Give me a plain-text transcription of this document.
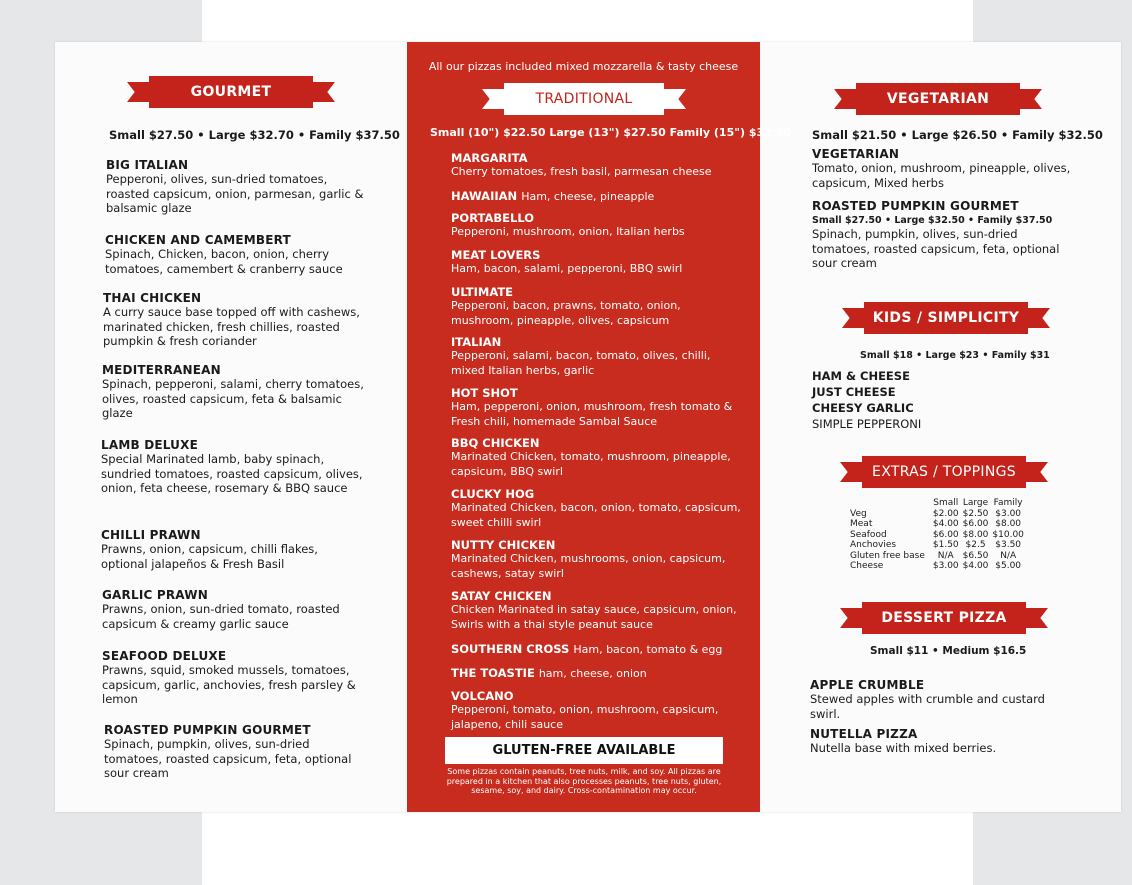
GOURMET
Small $27.50 • Large $32.70 • Family $37.50
BIG ITALIAN
Pepperoni, olives, sun-dried tomatoes, roasted capsicum, onion, parmesan, garlic & balsamic glaze
CHICKEN AND CAMEMBERT
Spinach, Chicken, bacon, onion, cherry tomatoes, camembert & cranberry sauce
THAI CHICKEN
A curry sauce base topped off with cashews, marinated chicken, fresh chillies, roasted pumpkin & fresh coriander
MEDITERRANEAN
Spinach, pepperoni, salami, cherry tomatoes, olives, roasted capsicum, feta & balsamic glaze
LAMB DELUXE
Special Marinated lamb, baby spinach, sundried tomatoes, roasted capsicum, olives, onion, feta cheese, rosemary & BBQ sauce
CHILLI PRAWN
Prawns, onion, capsicum, chilli flakes, optional jalapeños & Fresh Basil
GARLIC PRAWN
Prawns, onion, sun-dried tomato, roasted capsicum & creamy garlic sauce
SEAFOOD DELUXE
Prawns, squid, smoked mussels, tomatoes, capsicum, garlic, anchovies, fresh parsley & lemon
ROASTED PUMPKIN GOURMET
Spinach, pumpkin, olives, sun-dried tomatoes, roasted capsicum, feta, optional sour cream
All our pizzas included mixed mozzarella & tasty cheese
TRADITIONAL
Small (10") $22.50 Large (13") $27.50 Family (15") $32.50
MARGARITA
Cherry tomatoes, fresh basil, parmesan cheese
HAWAIIAN Ham, cheese, pineapple
PORTABELLO
Pepperoni, mushroom, onion, Italian herbs
MEAT LOVERS
Ham, bacon, salami, pepperoni, BBQ swirl
ULTIMATE
Pepperoni, bacon, prawns, tomato, onion, mushroom, pineapple, olives, capsicum
ITALIAN
Pepperoni, salami, bacon, tomato, olives, chilli, mixed Italian herbs, garlic
HOT SHOT
Ham, pepperoni, onion, mushroom, fresh tomato & Fresh chili, homemade Sambal Sauce
BBQ CHICKEN
Marinated Chicken, tomato, mushroom, pineapple, capsicum, BBQ swirl
CLUCKY HOG
Marinated Chicken, bacon, onion, tomato, capsicum, sweet chilli swirl
NUTTY CHICKEN
Marinated Chicken, mushrooms, onion, capsicum, cashews, satay swirl
SATAY CHICKEN
Chicken Marinated in satay sauce, capsicum, onion, Swirls with a thai style peanut sauce
SOUTHERN CROSS Ham, bacon, tomato & egg
THE TOASTIE ham, cheese, onion
VOLCANO
Pepperoni, tomato, onion, mushroom, capsicum, jalapeno, chili sauce
GLUTEN-FREE AVAILABLE
Some pizzas contain peanuts, tree nuts, milk, and soy. All pizzas are prepared in a kitchen that also processes peanuts, tree nuts, gluten, sesame, soy, and dairy. Cross-contamination may occur.
VEGETARIAN
Small $21.50 • Large $26.50 • Family $32.50
VEGETARIAN
Tomato, onion, mushroom, pineapple, olives, capsicum, Mixed herbs
ROASTED PUMPKIN GOURMET
Small $27.50 • Large $32.50 • Family $37.50
Spinach, pumpkin, olives, sun-dried tomatoes, roasted capsicum, feta, optional sour cream
KIDS / SIMPLICITY
Small $18 • Large $23 • Family $31
HAM & CHEESE
JUST CHEESE
CHEESY GARLIC
SIMPLE PEPPERONI
EXTRAS / TOPPINGS
	Small	Large	Family
Veg	$2.00	$2.50	$3.00
Meat	$4.00	$6.00	$8.00
Seafood	$6.00	$8.00	$10.00
Anchovies	$1.50	$2.5	$3.50
Gluten free base	N/A	$6.50	N/A
Cheese	$3.00	$4.00	$5.00
DESSERT PIZZA
Small $11 • Medium $16.5
APPLE CRUMBLE
Stewed apples with crumble and custard swirl.
NUTELLA PIZZA
Nutella base with mixed berries.
